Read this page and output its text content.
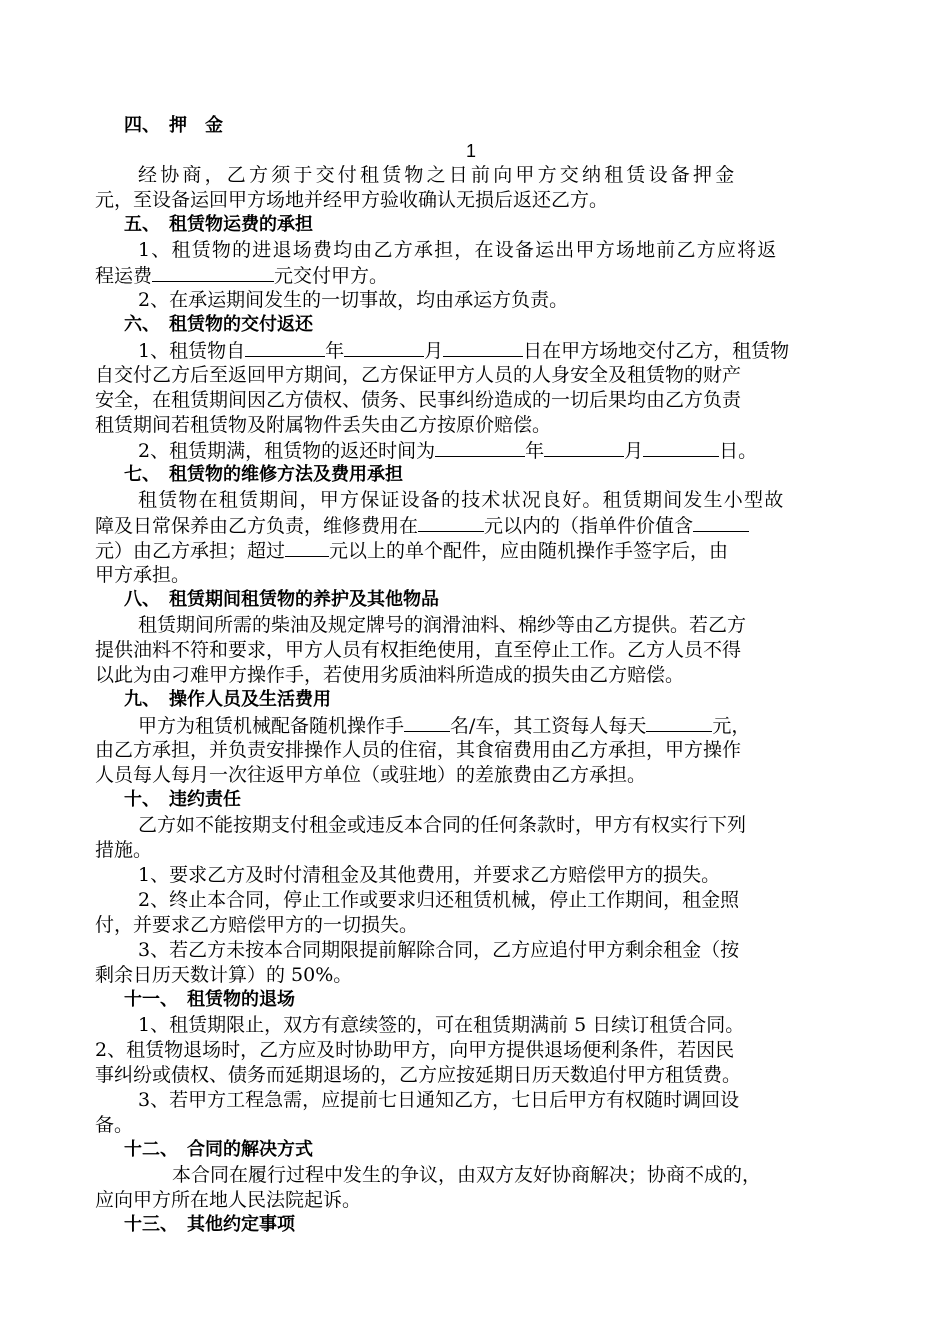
四、　押　金
1
经协商，乙方须于交付租赁物之日前向甲方交纳租赁设备押金
元，至设备运回甲方场地并经甲方验收确认无损后返还乙方。
五、　租赁物运费的承担
1、租赁物的进退场费均由乙方承担，在设备运出甲方场地前乙方应将返
程运费	元交付甲方。
2、在承运期间发生的一切事故，均由承运方负责。
六、　租赁物的交付返还
1、租赁物自	年	月	日在甲方场地交付乙方，租赁物
自交付乙方后至返回甲方期间，乙方保证甲方人员的人身安全及租赁物的财产
安全，在租赁期间因乙方债权、债务、民事纠纷造成的一切后果均由乙方负责
租赁期间若租赁物及附属物件丢失由乙方按原价赔偿。
2、租赁期满，租赁物的返还时间为	年	月	日。
七、　租赁物的维修方法及费用承担
租赁物在租赁期间，甲方保证设备的技术状况良好。租赁期间发生小型故
障及日常保养由乙方负责，维修费用在	元以内的（指单件价值含
元）由乙方承担；超过 元以上的单个配件，应由随机操作手签字后，由
甲方承担。
八、　租赁期间租赁物的养护及其他物品
租赁期间所需的柴油及规定牌号的润滑油料、棉纱等由乙方提供。若乙方
提供油料不符和要求，甲方人员有权拒绝使用，直至停止工作。乙方人员不得
以此为由刁难甲方操作手，若使用劣质油料所造成的损失由乙方赔偿。
九、　操作人员及生活费用
甲方为租赁机械配备随机操作手 名/车，其工资每人每天	元，
由乙方承担，并负责安排操作人员的住宿，其食宿费用由乙方承担，甲方操作
人员每人每月一次往返甲方单位（或驻地）的差旅费由乙方承担。
十、　违约责任
乙方如不能按期支付租金或违反本合同的任何条款时，甲方有权实行下列
措施。
1、要求乙方及时付清租金及其他费用，并要求乙方赔偿甲方的损失。
2、终止本合同，停止工作或要求归还租赁机械，停止工作期间，租金照
付，并要求乙方赔偿甲方的一切损失。
3、若乙方未按本合同期限提前解除合同，乙方应追付甲方剩余租金（按
剩余日历天数计算）的 50%。
十一、　租赁物的退场
1、租赁期限止，双方有意续签的，可在租赁期满前 5 日续订租赁合同。
2、租赁物退场时，乙方应及时协助甲方，向甲方提供退场便利条件，若因民
事纠纷或债权、债务而延期退场的，乙方应按延期日历天数追付甲方租赁费。
3、若甲方工程急需，应提前七日通知乙方，七日后甲方有权随时调回设
备。
十二、　合同的解决方式
本合同在履行过程中发生的争议，由双方友好协商解决；协商不成的，
应向甲方所在地人民法院起诉。
十三、　其他约定事项
